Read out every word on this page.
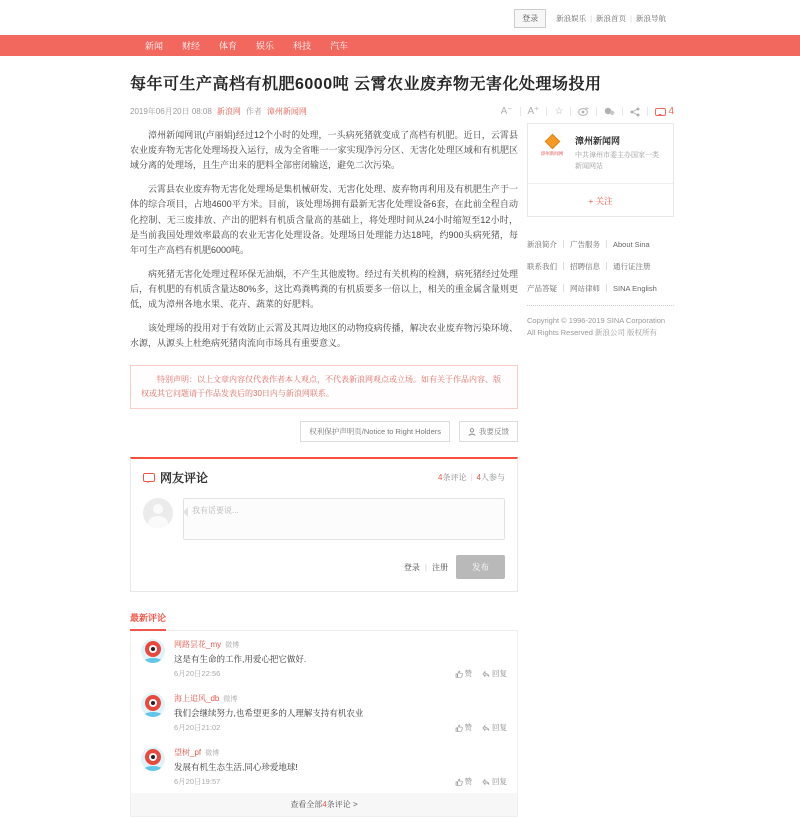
登录	新浪娱乐 | 新浪首页 | 新浪导航
新闻 财经 体育 娱乐 科技 汽车
每年可生产高档有机肥6000吨 云霄农业废弃物无害化处理场投用
2019年06月20日 08:08 新浪网 作者 漳州新闻网	A⁻ A⁺ ☆	4

漳州新闻网讯(卢丽娟)经过12个小时的处理，一头病死猪就变成了高档有机肥。近日，云霄县农业废弃物无害化处理场投入运行，成为全省唯一一家实现净污分区、无害化处理区域和有机肥区域分离的处理场，且生产出来的肥料全部密闭输送，避免二次污染。

云霄县农业废弃物无害化处理场是集机械研发、无害化处理、废弃物再利用及有机肥生产于一体的综合项目，占地4600平方米。目前，该处理场拥有最新无害化处理设备6套，在此前全程自动化控制、无三废排放、产出的肥料有机质含量高的基础上，将处理时间从24小时缩短至12小时，是当前我国处理效率最高的农业无害化处理设备。处理场日处理能力达18吨，约900头病死猪，每年可生产高档有机肥6000吨。

病死猪无害化处理过程环保无油烟，不产生其他废物。经过有关机构的检测，病死猪经过处理后，有机肥的有机质含量达80%多，这比鸡粪鸭粪的有机质要多一倍以上，相关的重金属含量则更低，成为漳州各地水果、花卉、蔬菜的好肥料。

该处理场的投用对于有效防止云霄及其周边地区的动物疫病传播，解决农业废弃物污染环境、水源，从源头上杜绝病死猪肉流向市场具有重要意义。

特别声明：以上文章内容仅代表作者本人观点，不代表新浪网观点或立场。如有关于作品内容、版权或其它问题请于作品发表后的30日内与新浪网联系。
权利保护声明页/Notice to Right Holders	我要反馈
网友评论	4条评论 | 4人参与
我有话要说...
登录 | 注册	发布
最新评论
网路昙花_my 微博
这是有生命的工作,用爱心把它做好.
6月20日22:56	赞	回复
海上追风_db 微博
我们会继续努力,也希望更多的人理解支持有机农业
6月20日21:02	赞	回复
望树_pf 微博
发展有机生态生活,同心珍爱地球!
6月20日19:57	赞	回复
查看全部4条评论 >
漳州新闻网
漳州新闻网
中共漳州市委主办国家一类新闻网站
+ 关注
新浪简介 广告服务 About Sina
联系我们 招聘信息 通行证注册
产品答疑 网站律师 SINA English
Copyright © 1996-2019 SINA Corporation
All Rights Reserved 新浪公司 版权所有
